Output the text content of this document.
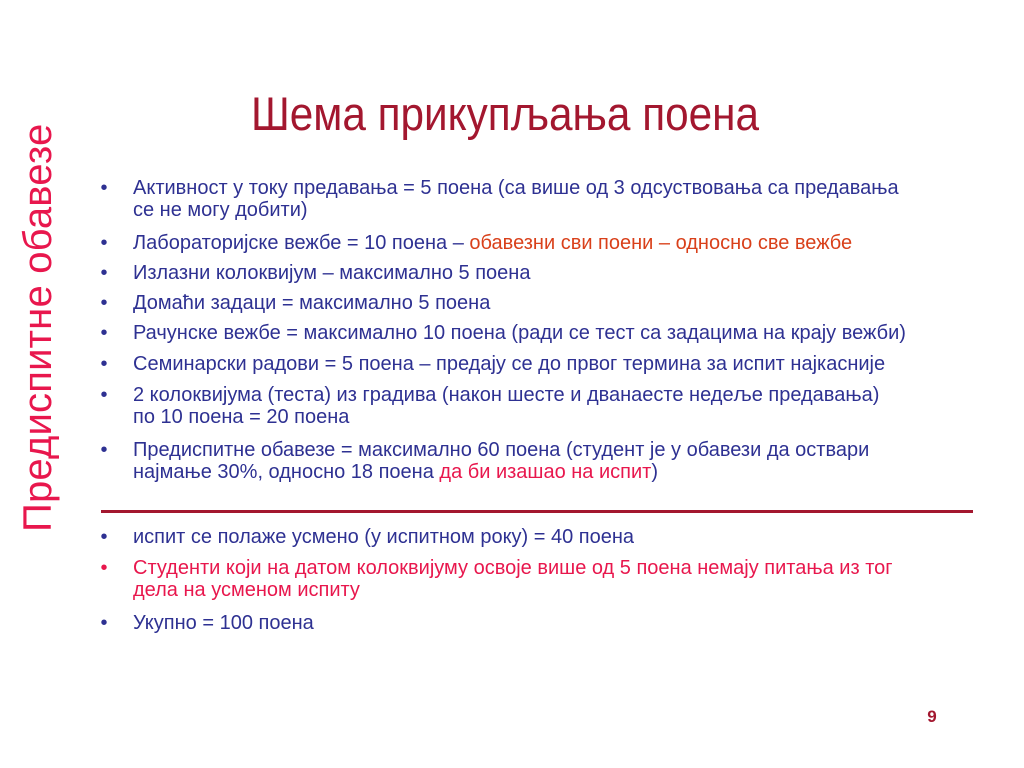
Шема прикупљања поена
Предиспитне обавезе • Активност у току предавања = 5 поена (са више од 3 одсуствовања са предавања
се не могу добити)
• Лабораторијске вежбе = 10 поена – обавезни сви поени – односно све вежбе
• Излазни колоквијум – максимално 5 поена
• Домаћи задаци = максимално 5 поена
• Рачунске вежбе = максимално 10 поена (ради се тест са задацима на крају вежби)
• Семинарски радови = 5 поена – предају се до првог термина за испит најкасније
• 2 колоквијума (теста) из градива (након шесте и дванаесте недеље предавања)
по 10 поена = 20 поена
• Предиспитне обавезе = максимално 60 поена (студент је у обавези да оствари
најмање 30%, односно 18 поена да би изашао на испит)
• испит се полаже усмено (у испитном року) = 40 поена
• Студенти који на датом колоквијуму освоје више од 5 поена немају питања из тог
дела на усменом испиту
• Укупно = 100 поена
9
